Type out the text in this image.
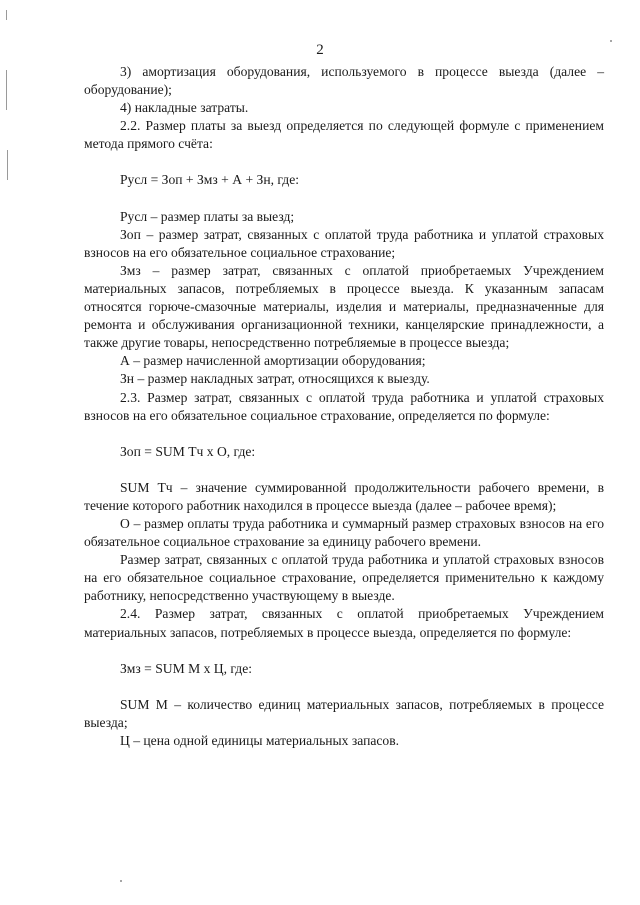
2

3) амортизация оборудования, используемого в процессе выезда (далее – оборудование);

4) накладные затраты.

2.2. Размер платы за выезд определяется по следующей формуле с применением метода прямого счёта:

Русл = Зоп + Змз + А + Зн, где:

Русл – размер платы за выезд;

Зоп – размер затрат, связанных с оплатой труда работника и уплатой страховых взносов на его обязательное социальное страхование;

Змз – размер затрат, связанных с оплатой приобретаемых Учреждением материальных запасов, потребляемых в процессе выезда. К указанным запасам относятся горюче-смазочные материалы, изделия и материалы, предназначенные для ремонта и обслуживания организационной техники, канцелярские принадлежности, а также другие товары, непосредственно потребляемые в процессе выезда;

А – размер начисленной амортизации оборудования;

Зн – размер накладных затрат, относящихся к выезду.

2.3. Размер затрат, связанных с оплатой труда работника и уплатой страховых взносов на его обязательное социальное страхование, определяется по формуле:

Зоп = SUM Тч х О, где:

SUM Тч – значение суммированной продолжительности рабочего времени, в течение которого работник находился в процессе выезда (далее – рабочее время);

О – размер оплаты труда работника и суммарный размер страховых взносов на его обязательное социальное страхование за единицу рабочего времени.

Размер затрат, связанных с оплатой труда работника и уплатой страховых взносов на его обязательное социальное страхование, определяется применительно к каждому работнику, непосредственно участвующему в выезде.

2.4. Размер затрат, связанных с оплатой приобретаемых Учреждением материальных запасов, потребляемых в процессе выезда, определяется по формуле:

Змз = SUM М х Ц, где:

SUM М – количество единиц материальных запасов, потребляемых в процессе выезда;

Ц – цена одной единицы материальных запасов.
